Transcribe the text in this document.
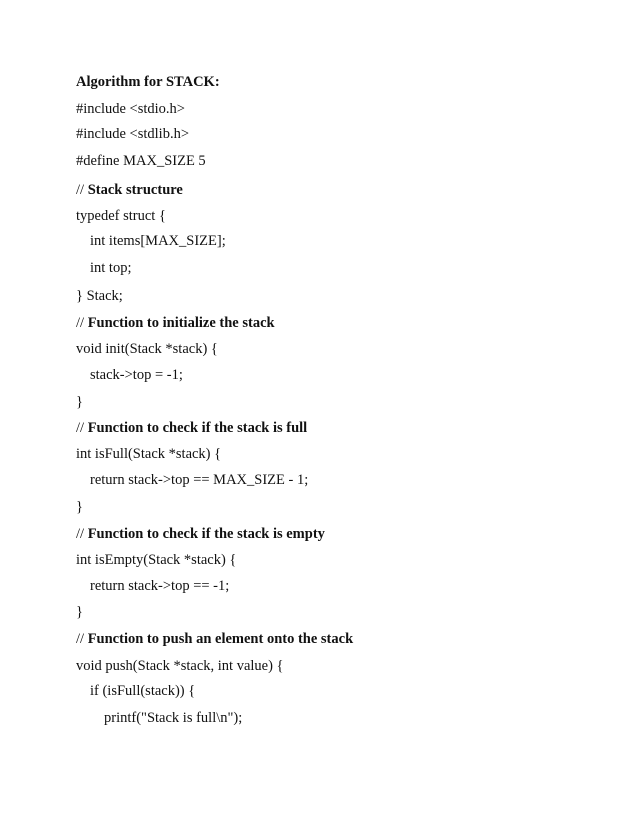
Algorithm for STACK:
#include <stdio.h>
#include <stdlib.h>
#define MAX_SIZE 5
// Stack structure
typedef struct {
int items[MAX_SIZE];
int top;
} Stack;
// Function to initialize the stack
void init(Stack *stack) {
stack->top = -1;
}
// Function to check if the stack is full
int isFull(Stack *stack) {
return stack->top == MAX_SIZE - 1;
}
// Function to check if the stack is empty
int isEmpty(Stack *stack) {
return stack->top == -1;
}
// Function to push an element onto the stack
void push(Stack *stack, int value) {
if (isFull(stack)) {
printf("Stack is full\n");
